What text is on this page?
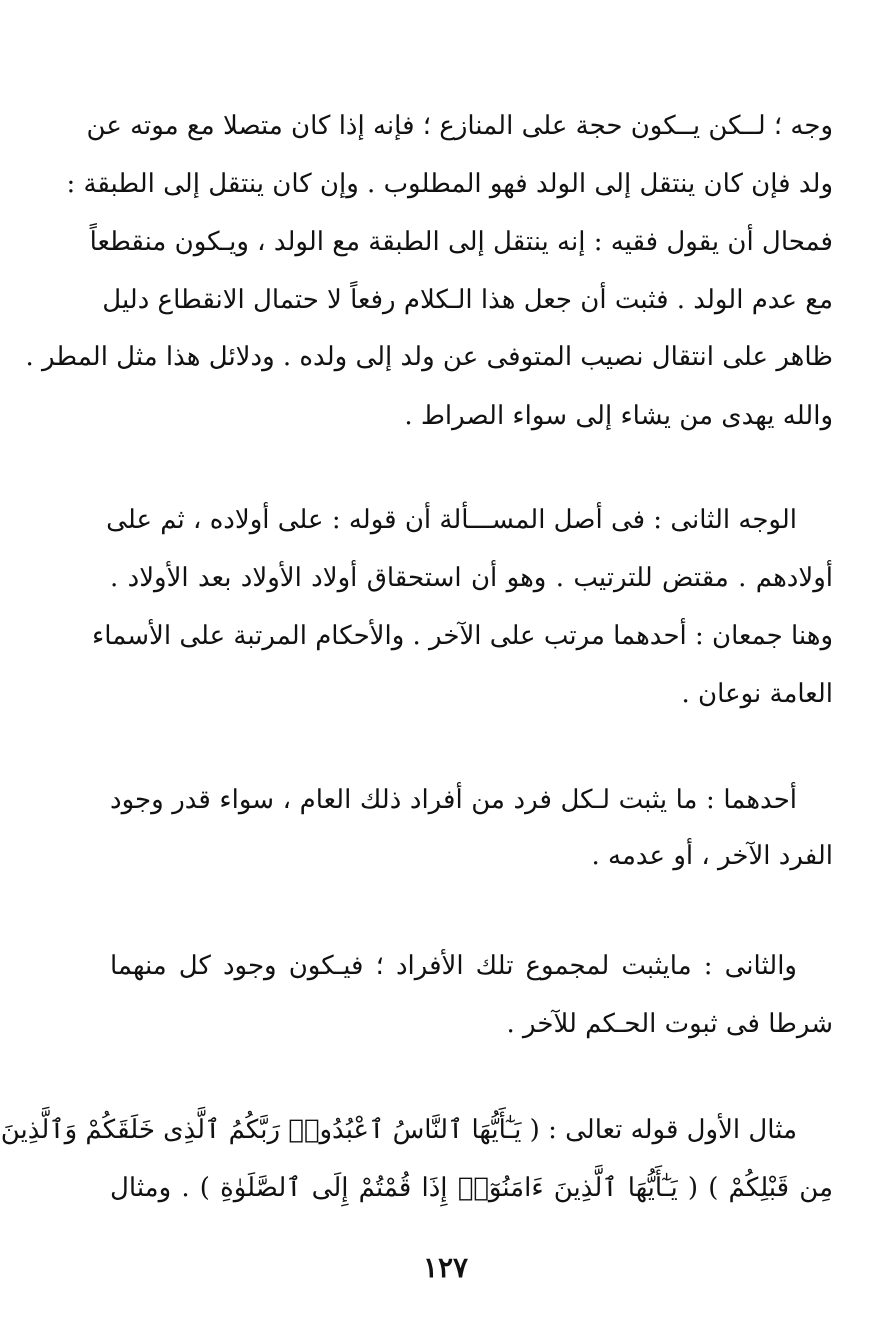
وجه ؛ لــكن يــكون حجة على المنازع ؛ فإنه إذا كان متصلا مع موته عن
ولد فإن كان ينتقل إلى الولد فهو المطلوب . وإن كان ينتقل إلى الطبقة :
فمحال أن يقول فقيه : إنه ينتقل إلى الطبقة مع الولد ، ويـكون منقطعاً
مع عدم الولد . فثبت أن جعل هذا الـكلام رفعاً لا حتمال الانقطاع دليل
ظاهر على انتقال نصيب المتوفى عن ولد إلى ولده . ودلائل هذا مثل المطر .
والله يهدى من يشاء إلى سواء الصراط .
الوجه الثانى : فى أصل المســـألة أن قوله : على أولاده ، ثم على
أولادهم . مقتض للترتيب . وهو أن استحقاق أولاد الأولاد بعد الأولاد .
وهنا جمعان : أحدهما مرتب على الآخر . والأحكام المرتبة على الأسماء
العامة نوعان .
أحدهما : ما يثبت لـكل فرد من أفراد ذلك العام ، سواء قدر وجود
الفرد الآخر ، أو عدمه .
والثانى : مايثبت لمجموع تلك الأفراد ؛ فيـكون وجود كل منهما
شرطا فى ثبوت الحـكم للآخر .
مثال الأول قوله تعالى : ( يَـٰٓأَيُّهَا ٱلنَّاسُ ٱعْبُدُوا۟ رَبَّكُمُ ٱلَّذِى خَلَقَكُمْ وَٱلَّذِينَ
مِن قَبْلِكُمْ ) ( يَـٰٓأَيُّهَا ٱلَّذِينَ ءَامَنُوٓا۟ إِذَا قُمْتُمْ إِلَى ٱلصَّلَوٰةِ ) . ومثال
١٢٧
